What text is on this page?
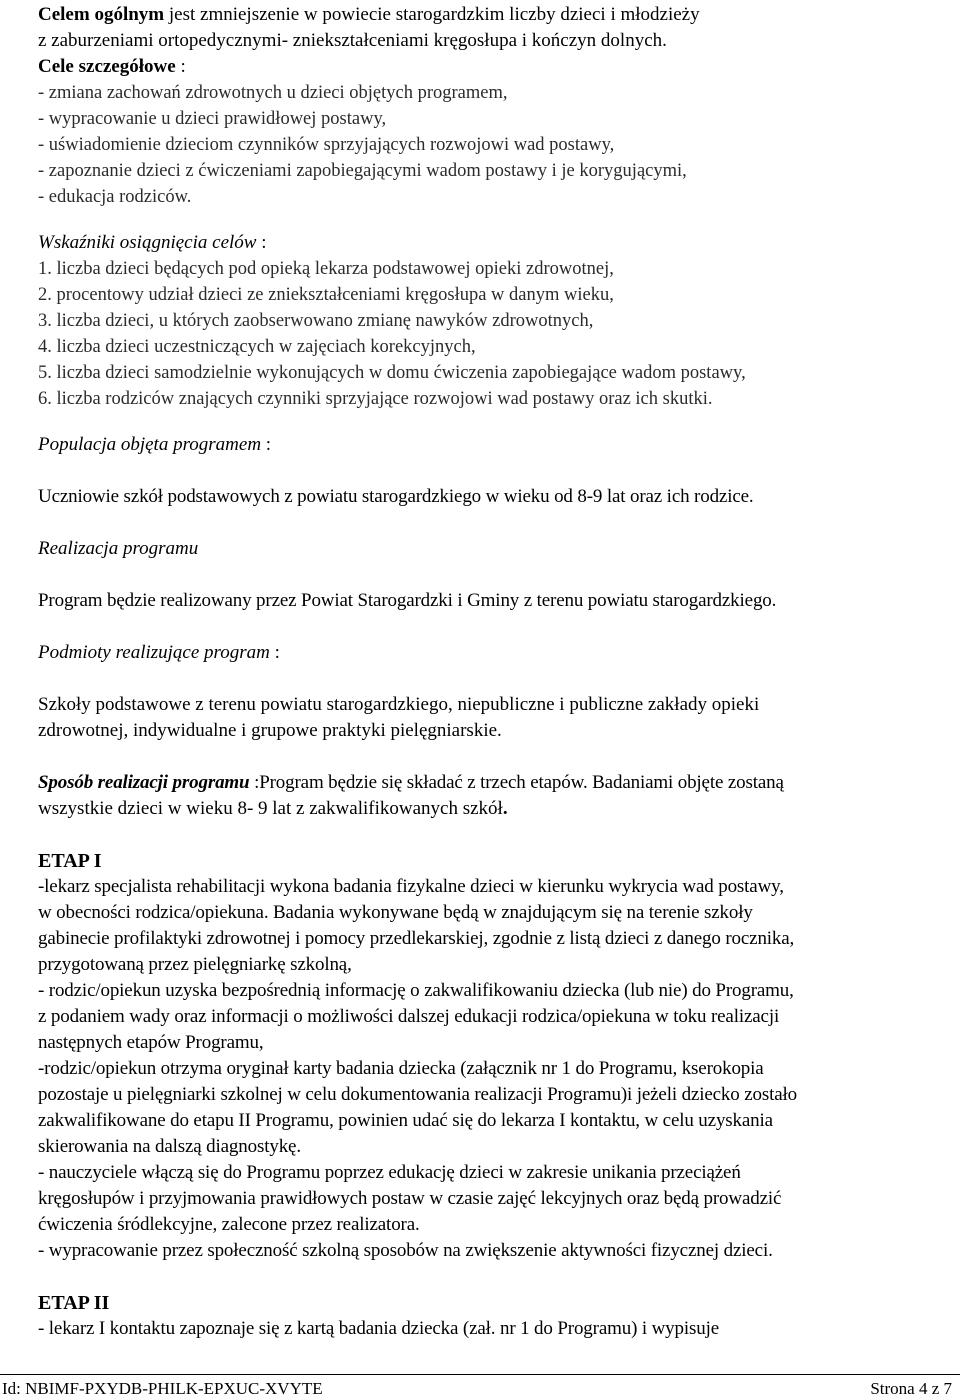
Celem ogólnym jest zmniejszenie w powiecie starogardzkim liczby dzieci i młodzieży
z zaburzeniami ortopedycznymi- zniekształceniami kręgosłupa i kończyn dolnych.
Cele szczegółowe :
- zmiana zachowań zdrowotnych u dzieci objętych programem,
- wypracowanie u dzieci prawidłowej postawy,
- uświadomienie dzieciom czynników sprzyjających rozwojowi wad postawy,
- zapoznanie dzieci z ćwiczeniami zapobiegającymi wadom postawy i je korygującymi,
- edukacja rodziców.
Wskaźniki osiągnięcia celów :
1. liczba dzieci będących pod opieką lekarza podstawowej opieki zdrowotnej,
2. procentowy udział dzieci ze zniekształceniami kręgosłupa w danym wieku,
3. liczba dzieci, u których zaobserwowano zmianę nawyków zdrowotnych,
4. liczba dzieci uczestniczących w zajęciach korekcyjnych,
5. liczba dzieci samodzielnie wykonujących w domu ćwiczenia zapobiegające wadom postawy,
6. liczba rodziców znających czynniki sprzyjające rozwojowi wad postawy oraz ich skutki.
Populacja objęta programem :
Uczniowie szkół podstawowych z powiatu starogardzkiego w wieku od 8-9 lat oraz ich rodzice.
Realizacja programu
Program będzie realizowany przez Powiat Starogardzki i Gminy z terenu powiatu starogardzkiego.
Podmioty realizujące program :
Szkoły podstawowe z terenu powiatu starogardzkiego, niepubliczne i publiczne zakłady opieki
zdrowotnej, indywidualne i grupowe praktyki pielęgniarskie.
Sposób realizacji programu :Program będzie się składać z trzech etapów. Badaniami objęte zostaną
wszystkie dzieci w wieku 8- 9 lat z zakwalifikowanych szkół.
ETAP I
-lekarz specjalista rehabilitacji wykona badania fizykalne dzieci w kierunku wykrycia wad postawy,
w obecności rodzica/opiekuna. Badania wykonywane będą w znajdującym się na terenie szkoły
gabinecie profilaktyki zdrowotnej i pomocy przedlekarskiej, zgodnie z listą dzieci z danego rocznika,
przygotowaną przez pielęgniarkę szkolną,
- rodzic/opiekun uzyska bezpośrednią informację o zakwalifikowaniu dziecka (lub nie) do Programu,
z podaniem wady oraz informacji o możliwości dalszej edukacji rodzica/opiekuna w toku realizacji
następnych etapów Programu,
-rodzic/opiekun otrzyma oryginał karty badania dziecka (załącznik nr 1 do Programu, kserokopia
pozostaje u pielęgniarki szkolnej w celu dokumentowania realizacji Programu)i jeżeli dziecko zostało
zakwalifikowane do etapu II Programu, powinien udać się do lekarza I kontaktu, w celu uzyskania
skierowania na dalszą diagnostykę.
- nauczyciele włączą się do Programu poprzez edukację dzieci w zakresie unikania przeciążeń
kręgosłupów i przyjmowania prawidłowych postaw w czasie zajęć lekcyjnych oraz będą prowadzić
ćwiczenia śródlekcyjne, zalecone przez realizatora.
- wypracowanie przez społeczność szkolną sposobów na zwiększenie aktywności fizycznej dzieci.
ETAP II
- lekarz I kontaktu zapoznaje się z kartą badania dziecka (zał. nr 1 do Programu) i wypisuje
Id: NBIMF-PXYDB-PHILK-EPXUC-XVYTE	Strona 4 z 7
